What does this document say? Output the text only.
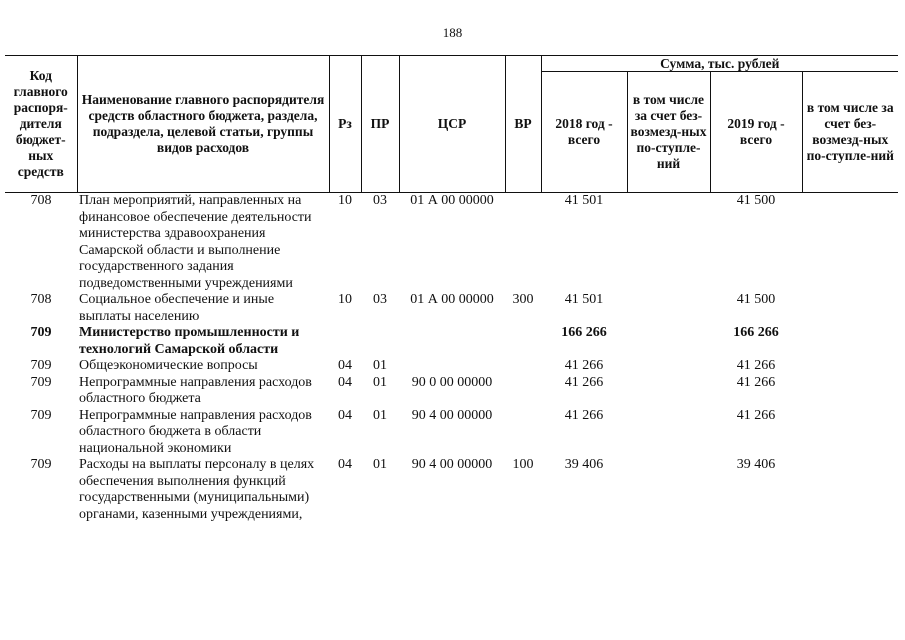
188
Код главного распоря-дителя бюджет-ных средств	Наименование главного распорядителя средств областного бюджета, раздела, подраздела, целевой статьи, группы видов расходов	Рз	ПР	ЦСР	ВР	Сумма, тыс. рублей			
						2018 год - всего	в том числе за счет без-возмезд-ных по-ступле-ний	2019 год - всего	в том числе за счет без-возмезд-ных по-ступле-ний
708	План мероприятий, направленных на финансовое обеспечение деятельности министерства здравоохранения Самарской области и выполнение государственного задания подведомственными учреждениями	10	03	01 А 00 00000		41 501		41 500	
708	Социальное обеспечение и иные выплаты населению	10	03	01 А 00 00000	300	41 501		41 500	
709	Министерство промышленности и технологий Самарской области					166 266		166 266	
709	Общеэкономические вопросы	04	01			41 266		41 266	
709	Непрограммные направления расходов областного бюджета	04	01	90 0 00 00000		41 266		41 266	
709	Непрограммные направления расходов областного бюджета в области национальной экономики	04	01	90 4 00 00000		41 266		41 266	
709	Расходы на выплаты персоналу в целях обеспечения выполнения функций государственными (муниципальными) органами, казенными учреждениями,	04	01	90 4 00 00000	100	39 406		39 406	
